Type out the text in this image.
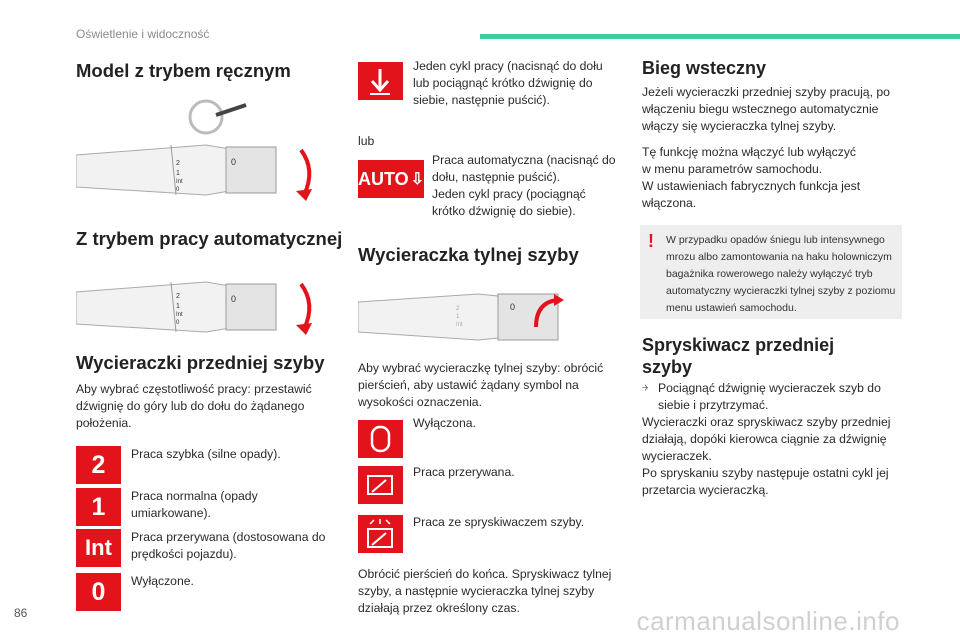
Oświetlenie i widoczność
Model z trybem ręcznym
2
1
Int
0
0
Z trybem pracy automatycznej
2
1
Int
0
0
Wycieraczki przedniej szyby
Aby wybrać częstotliwość pracy: przestawić dźwignię do góry lub do dołu do żądanego położenia.
2	Praca szybka (silne opady).
1	Praca normalna (opady umiarkowane).
Int	Praca przerywana (dostosowana do prędkości pojazdu).
0	Wyłączone.
Jeden cykl pracy (nacisnąć do dołu lub pociągnąć krótko dźwignię do siebie, następnie puścić).
lub
AUTO ⇩
Praca automatyczna (nacisnąć do dołu, następnie puścić).
Jeden cykl pracy (pociągnąć krótko dźwignię do siebie).
Wycieraczka tylnej szyby
2
1
Int
0
Aby wybrać wycieraczkę tylnej szyby: obrócić pierścień, aby ustawić żądany symbol na wysokości oznaczenia.
Wyłączona.
Praca przerywana.
Praca ze spryskiwaczem szyby.
Obrócić pierścień do końca. Spryskiwacz tylnej szyby, a następnie wycieraczka tylnej szyby działają przez określony czas.
Bieg wsteczny
Jeżeli wycieraczki przedniej szyby pracują, po włączeniu biegu wstecznego automatycznie włączy się wycieraczka tylnej szyby.
Tę funkcję można włączyć lub wyłączyć
w menu parametrów samochodu.
W ustawieniach fabrycznych funkcja jest włączona.
! W przypadku opadów śniegu lub intensywnego mrozu albo zamontowania na haku holowniczym bagażnika rowerowego należy wyłączyć tryb automatyczny wycieraczki tylnej szyby z poziomu menu ustawień samochodu.
Spryskiwacz przedniej szyby
￫ Pociągnąć dźwignię wycieraczek szyb do siebie i przytrzymać.
Wycieraczki oraz spryskiwacz szyby przedniej działają, dopóki kierowca ciągnie za dźwignię wycieraczek.
Po spryskaniu szyby następuje ostatni cykl jej przetarcia wycieraczką.
86	carmanualsonline.info
